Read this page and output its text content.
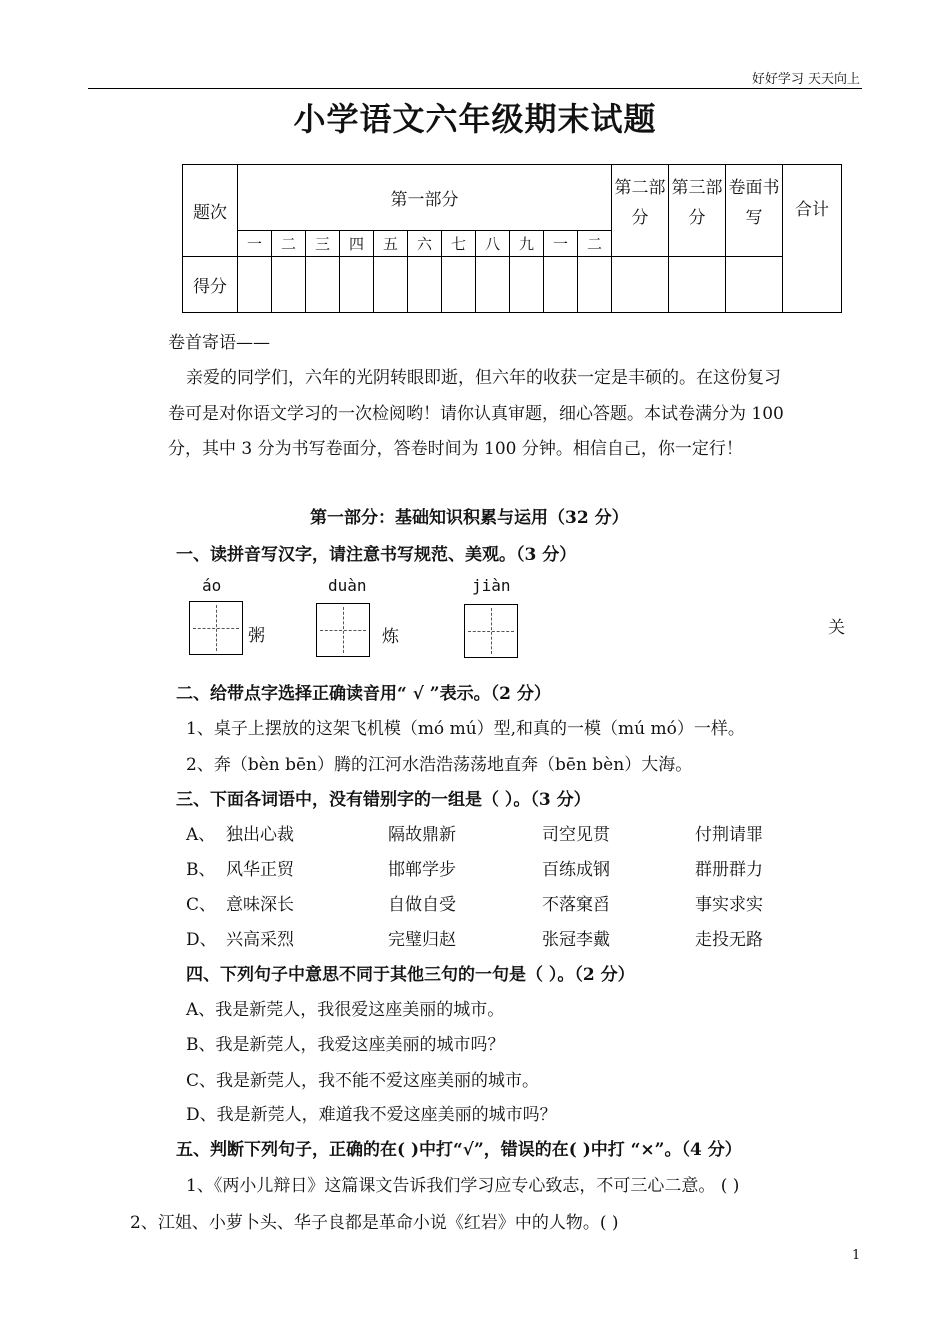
好好学习 天天向上
小学语文六年级期末试题
题次	第一部分											第二部分	第三部分	卷面书写	合计
	一	二	三	四	五	六	七	八	九	一	二				
得分															
卷首寄语——
亲爱的同学们，六年的光阴转眼即逝，但六年的收获一定是丰硕的。在这份复习
卷可是对你语文学习的一次检阅哟！请你认真审题，细心答题。本试卷满分为 100
分，其中 3 分为书写卷面分，答卷时间为 100 分钟。相信自己，你一定行！
第一部分：基础知识积累与运用（32 分）
一、读拼音写汉字，请注意书写规范、美观。（3 分）
áo	duàn	jiàn
粥	炼	关
二、给带点字选择正确读音用“ √ ”表示。（2 分）
1、桌子上摆放的这架飞机模（mó mú）型,和真的一模（mú mó）一样。
2、奔（bèn bēn）腾的江河水浩浩荡荡地直奔（bēn bèn）大海。
三、下面各词语中，没有错别字的一组是（ ）。（3 分）
A、 独出心裁	隔故鼎新	司空见贯	付荆请罪
B、 风华正贸	邯郸学步	百练成钢	群册群力
C、 意味深长	自做自受	不落窠舀	事实求实
D、 兴高采烈	完璧归赵	张冠李戴	走投无路
四、下列句子中意思不同于其他三句的一句是（ ）。（2 分）
A、我是新莞人，我很爱这座美丽的城市。
B、我是新莞人，我爱这座美丽的城市吗？
C、我是新莞人，我不能不爱这座美丽的城市。
D、我是新莞人，难道我不爱这座美丽的城市吗？
五、判断下列句子，正确的在( )中打“√”，错误的在( )中打 “×”。（4 分）
1、《两小儿辩日》这篇课文告诉我们学习应专心致志，不可三心二意。 ( )
2、江姐、小萝卜头、华子良都是革命小说《红岩》中的人物。( )
1
